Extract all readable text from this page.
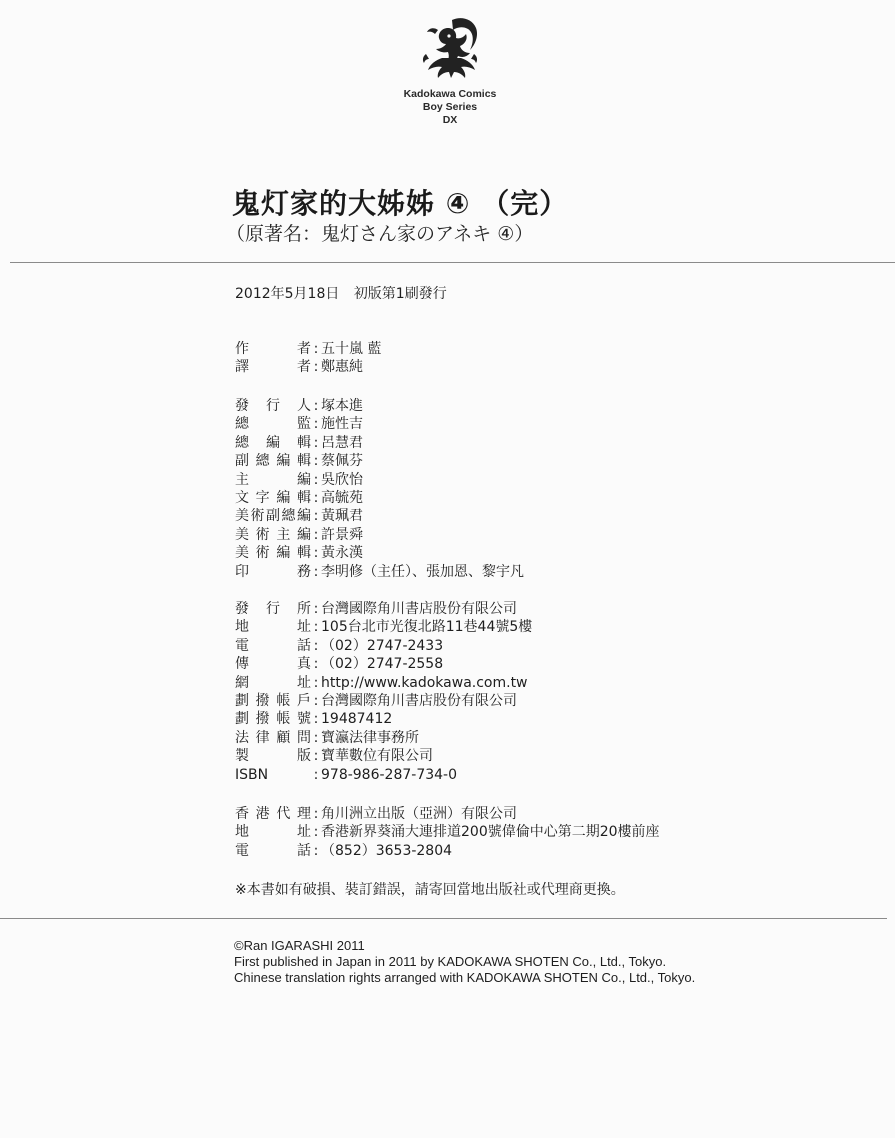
Kadokawa Comics
Boy Series
DX
鬼灯家的大姊姊 ④ （完）
（原著名：鬼灯さん家のアネキ ④）
2012年5月18日 初版第1刷發行
作者 : 五十嵐 藍
譯者 : 鄭惠純
發行人 : 塚本進
總監 : 施性吉
總編輯 : 呂慧君
副總編輯 : 蔡佩芬
主編 : 吳欣怡
文字編輯 : 高毓苑
美術副總編 : 黃珮君
美術主編 : 許景舜
美術編輯 : 黃永漢
印務 : 李明修（主任）、張加恩、黎宇凡
發行所 : 台灣國際角川書店股份有限公司
地址 : 105台北市光復北路11巷44號5樓
電話 : （02）2747-2433
傳真 : （02）2747-2558
網址 : http://www.kadokawa.com.tw
劃撥帳戶 : 台灣國際角川書店股份有限公司
劃撥帳號 : 19487412
法律顧問 : 寶瀛法律事務所
製版 : 寶華數位有限公司
ISBN	: 978-986-287-734-0
香港代理 : 角川洲立出版（亞洲）有限公司
地址 : 香港新界葵涌大連排道200號偉倫中心第二期20樓前座
電話 : （852）3653-2804
※本書如有破損、裝訂錯誤，請寄回當地出版社或代理商更換。
©Ran IGARASHI 2011
First published in Japan in 2011 by KADOKAWA SHOTEN Co., Ltd., Tokyo.
Chinese translation rights arranged with KADOKAWA SHOTEN Co., Ltd., Tokyo.
